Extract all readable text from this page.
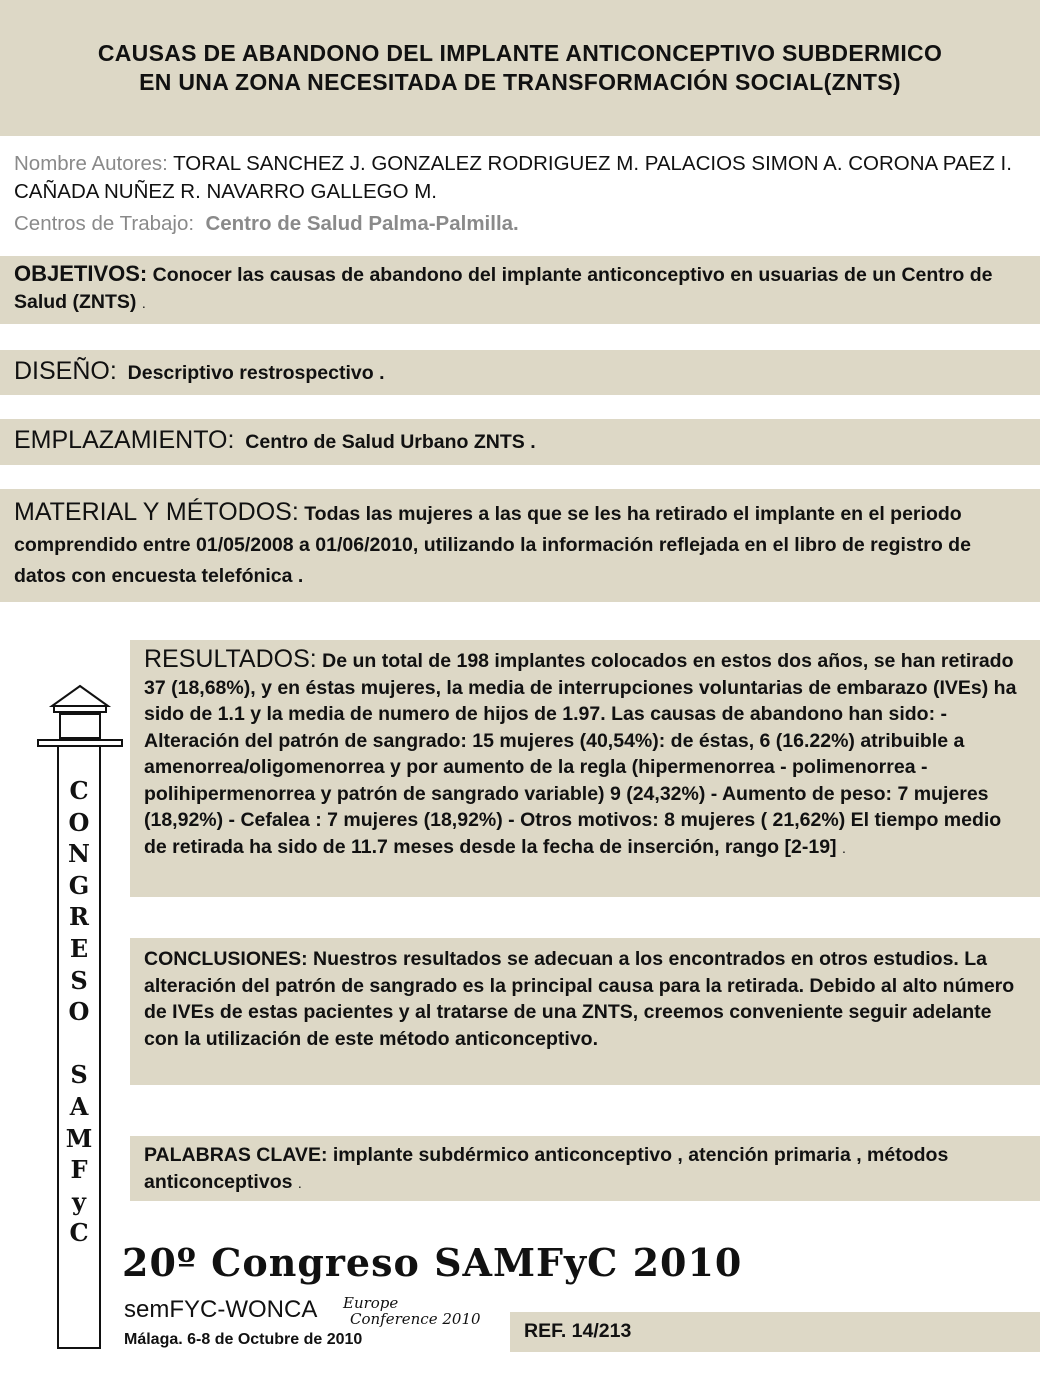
CAUSAS DE ABANDONO DEL IMPLANTE ANTICONCEPTIVO SUBDERMICO
EN UNA ZONA NECESITADA DE TRANSFORMACIÓN SOCIAL(ZNTS)
Nombre Autores: TORAL SANCHEZ J. GONZALEZ RODRIGUEZ M. PALACIOS SIMON A. CORONA PAEZ I. CAÑADA NUÑEZ R. NAVARRO GALLEGO M.
Centros de Trabajo: Centro de Salud Palma-Palmilla.
OBJETIVOS: Conocer las causas de abandono del implante anticonceptivo en usuarias de un Centro de Salud (ZNTS) .
DISEÑO: Descriptivo restrospectivo .
EMPLAZAMIENTO: Centro de Salud Urbano ZNTS .
MATERIAL Y MÉTODOS: Todas las mujeres a las que se les ha retirado el implante en el periodo comprendido entre 01/05/2008 a 01/06/2010, utilizando la información reflejada en el libro de registro de datos con encuesta telefónica .
RESULTADOS: De un total de 198 implantes colocados en estos dos años, se han retirado 37 (18,68%), y en éstas mujeres, la media de interrupciones voluntarias de embarazo (IVEs) ha sido de 1.1 y la media de numero de hijos de 1.97. Las causas de abandono han sido: - Alteración del patrón de sangrado: 15 mujeres (40,54%): de éstas, 6 (16.22%) atribuible a amenorrea/oligomenorrea y por aumento de la regla (hipermenorrea - polimenorrea - polihipermenorrea y patrón de sangrado variable) 9 (24,32%) - Aumento de peso: 7 mujeres (18,92%) - Cefalea : 7 mujeres (18,92%) - Otros motivos: 8 mujeres ( 21,62%) El tiempo medio de retirada ha sido de 11.7 meses desde la fecha de inserción, rango [2-19] .
CONCLUSIONES: Nuestros resultados se adecuan a los encontrados en otros estudios. La alteración del patrón de sangrado es la principal causa para la retirada. Debido al alto número de IVEs de estas pacientes y al tratarse de una ZNTS, creemos conveniente seguir adelante con la utilización de este método anticonceptivo.
PALABRAS CLAVE: implante subdérmico anticonceptivo , atención primaria , métodos anticonceptivos .
C
O
N
G
R
E
S
O

S
A
M
F
y
C
20º Congreso SAMFyC 2010
semFYC-WONCA Europe
Conference 2010
Málaga. 6-8 de Octubre de 2010	REF. 14/213
